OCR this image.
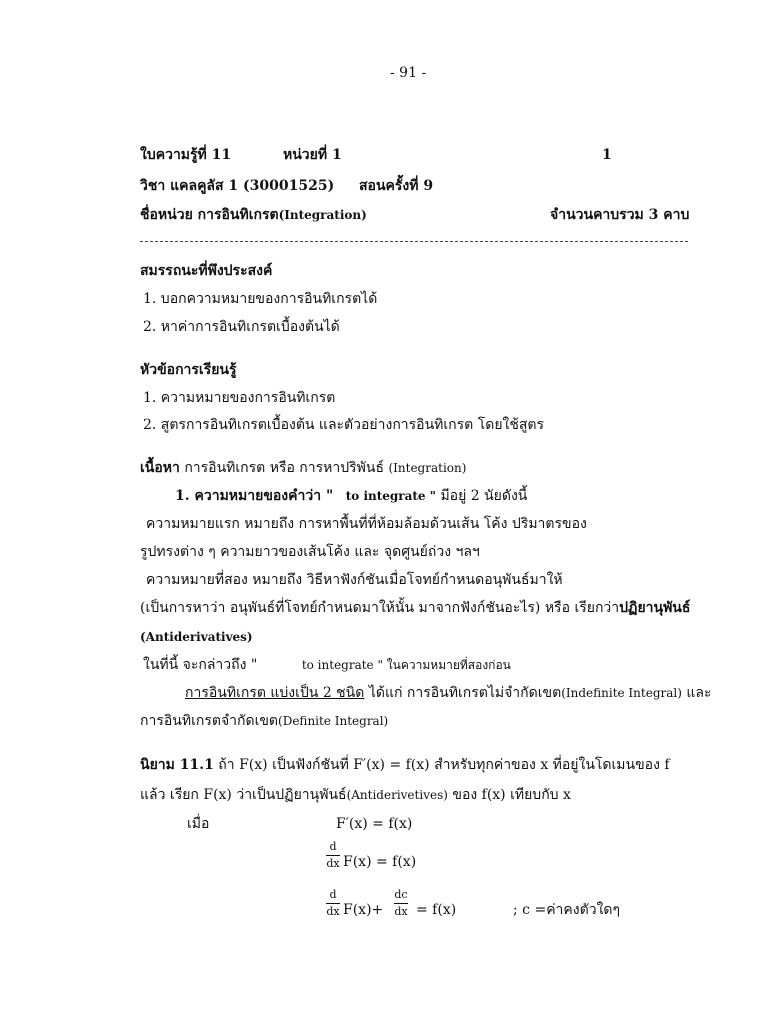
- 91 -
ใบความรู้ที่ 11	หน่วยที่ 1	1
วิชา แคลคูลัส 1 (30001525) สอนครั้งที่ 9
ชื่อหน่วย การอินทิเกรต(Integration)	จำนวนคาบรวม 3 คาบ
สมรรถนะที่พึงประสงค์
1. บอกความหมายของการอินทิเกรตได้
2. หาค่าการอินทิเกรตเบื้องต้นได้
หัวข้อการเรียนรู้
1. ความหมายของการอินทิเกรต
2. สูตรการอินทิเกรตเบื้องต้น และตัวอย่างการอินทิเกรต โดยใช้สูตร
เนื้อหา การอินทิเกรต หรือ การหาปริพันธ์ (Integration)
1. ความหมายของคำว่า " to integrate " มีอยู่ 2 นัยดังนี้
ความหมายแรก หมายถึง การหาพื้นที่ที่ห้อมล้อมด้วนเส้น โค้ง ปริมาตรของ
รูปทรงต่าง ๆ ความยาวของเส้นโค้ง และ จุดศูนย์ถ่วง ฯลฯ
ความหมายที่สอง หมายถึง วิธีหาฟังก์ชันเมื่อโจทย์กำหนดอนุพันธ์มาให้
(เป็นการหาว่า อนุพันธ์ที่โจทย์กำหนดมาให้นั้น มาจากฟังก์ชันอะไร) หรือ เรียกว่าปฏิยานุพันธ์
(Antiderivatives)
ในที่นี้ จะกล่าวถึง "	to integrate " ในความหมายที่สองก่อน
การอินทิเกรต แบ่งเป็น 2 ชนิด ได้แก่ การอินทิเกรตไม่จำกัดเขต(Indefinite Integral) และ
การอินทิเกรตจำกัดเขต(Definite Integral)
นิยาม 11.1 ถ้า F(x) เป็นฟังก์ชันที่ F′(x) = f(x) สำหรับทุกค่าของ x ที่อยู่ในโดเมนของ f
แล้ว เรียก F(x) ว่าเป็นปฏิยานุพันธ์(Antiderivetives) ของ f(x) เทียบกับ x
เมื่อ	F′(x) = f(x)
d
dx F(x) = f(x)
d
dx F(x)+
dc
dx = f(x)	; c =ค่าคงตัวใดๆ
